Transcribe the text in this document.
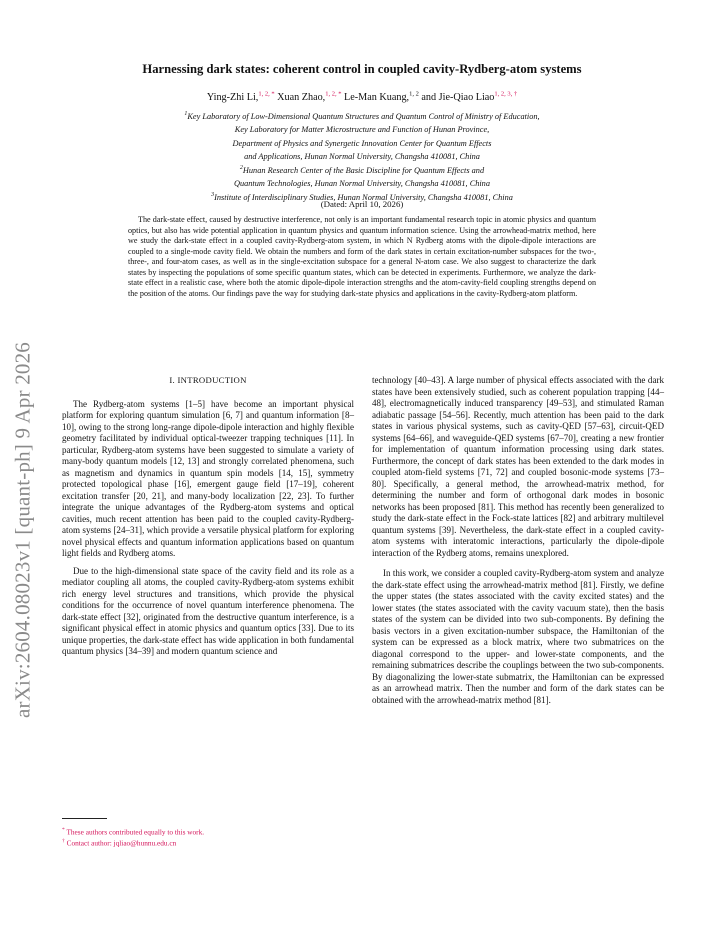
arXiv:2604.08023v1 [quant-ph] 9 Apr 2026
Harnessing dark states: coherent control in coupled cavity-Rydberg-atom systems
Ying-Zhi Li,$^{1, 2, *}$ Xuan Zhao,$^{1, 2, *}$ Le-Man Kuang,$^{1, 2}$ and Jie-Qiao Liao$^{1, 2, 3, \dagger}$
$^1$Key Laboratory of Low-Dimensional Quantum Structures and Quantum Control of Ministry of Education,
Key Laboratory for Matter Microstructure and Function of Hunan Province,
Department of Physics and Synergetic Innovation Center for Quantum Effects
and Applications, Hunan Normal University, Changsha 410081, China
$^2$Hunan Research Center of the Basic Discipline for Quantum Effects and
Quantum Technologies, Hunan Normal University, Changsha 410081, China
$^3$Institute of Interdisciplinary Studies, Hunan Normal University, Changsha 410081, China
(Dated: April 10, 2026)
The dark-state effect, caused by destructive interference, not only is an important fundamental research topic in atomic physics and quantum optics, but also has wide potential application in quantum physics and quantum information science. Using the arrowhead-matrix method, here we study the dark-state effect in a coupled cavity-Rydberg-atom system, in which N Rydberg atoms with the dipole-dipole interactions are coupled to a single-mode cavity field. We obtain the numbers and form of the dark states in certain excitation-number subspaces for the two-, three-, and four-atom cases, as well as in the single-excitation subspace for a general N-atom case. We also suggest to characterize the dark states by inspecting the populations of some specific quantum states, which can be detected in experiments. Furthermore, we analyze the dark-state effect in a realistic case, where both the atomic dipole-dipole interaction strengths and the atom-cavity-field coupling strengths depend on the position of the atoms. Our findings pave the way for studying dark-state physics and applications in the cavity-Rydberg-atom platform.
I. INTRODUCTION

The Rydberg-atom systems [1–5] have become an important physical platform for exploring quantum simulation [6, 7] and quantum information [8–10], owing to the strong long-range dipole-dipole interaction and highly flexible geometry facilitated by individual optical-tweezer trapping techniques [11]. In particular, Rydberg-atom systems have been suggested to simulate a variety of many-body quantum models [12, 13] and strongly correlated phenomena, such as magnetism and dynamics in quantum spin models [14, 15], symmetry protected topological phase [16], emergent gauge field [17–19], coherent excitation transfer [20, 21], and many-body localization [22, 23]. To further integrate the unique advantages of the Rydberg-atom systems and optical cavities, much recent attention has been paid to the coupled cavity-Rydberg-atom systems [24–31], which provide a versatile physical platform for exploring novel physical effects and quantum information applications based on quantum light fields and Rydberg atoms.

Due to the high-dimensional state space of the cavity field and its role as a mediator coupling all atoms, the coupled cavity-Rydberg-atom systems exhibit rich energy level structures and transitions, which provide the physical conditions for the occurrence of novel quantum interference phenomena. The dark-state effect [32], originated from the destructive quantum interference, is a significant physical effect in atomic physics and quantum optics [33]. Due to its unique properties, the dark-state effect has wide application in both fundamental quantum physics [34–39] and modern quantum science and

technology [40–43]. A large number of physical effects associated with the dark states have been extensively studied, such as coherent population trapping [44–48], electromagnetically induced transparency [49–53], and stimulated Raman adiabatic passage [54–56]. Recently, much attention has been paid to the dark states in various physical systems, such as cavity-QED [57–63], circuit-QED systems [64–66], and waveguide-QED systems [67–70], creating a new frontier for implementation of quantum information processing using dark states. Furthermore, the concept of dark states has been extended to the dark modes in coupled atom-field systems [71, 72] and coupled bosonic-mode systems [73–80]. Specifically, a general method, the arrowhead-matrix method, for determining the number and form of orthogonal dark modes in bosonic networks has been proposed [81]. This method has recently been generalized to study the dark-state effect in the Fock-state lattices [82] and arbitrary multilevel quantum systems [39]. Nevertheless, the dark-state effect in a coupled cavity-atom systems with interatomic interactions, particularly the dipole-dipole interaction of the Rydberg atoms, remains unexplored.

In this work, we consider a coupled cavity-Rydberg-atom system and analyze the dark-state effect using the arrowhead-matrix method [81]. Firstly, we define the upper states (the states associated with the cavity excited states) and the lower states (the states associated with the cavity vacuum state), then the basis states of the system can be divided into two sub-components. By defining the basis vectors in a given excitation-number subspace, the Hamiltonian of the system can be expressed as a block matrix, where two submatrices on the diagonal correspond to the upper- and lower-state components, and the remaining submatrices describe the couplings between the two sub-components. By diagonalizing the lower-state submatrix, the Hamiltonian can be expressed as an arrowhead matrix. Then the number and form of the dark states can be obtained with the arrowhead-matrix method [81].

* These authors contributed equally to this work.
† Contact author: jqliao@hunnu.edu.cn
